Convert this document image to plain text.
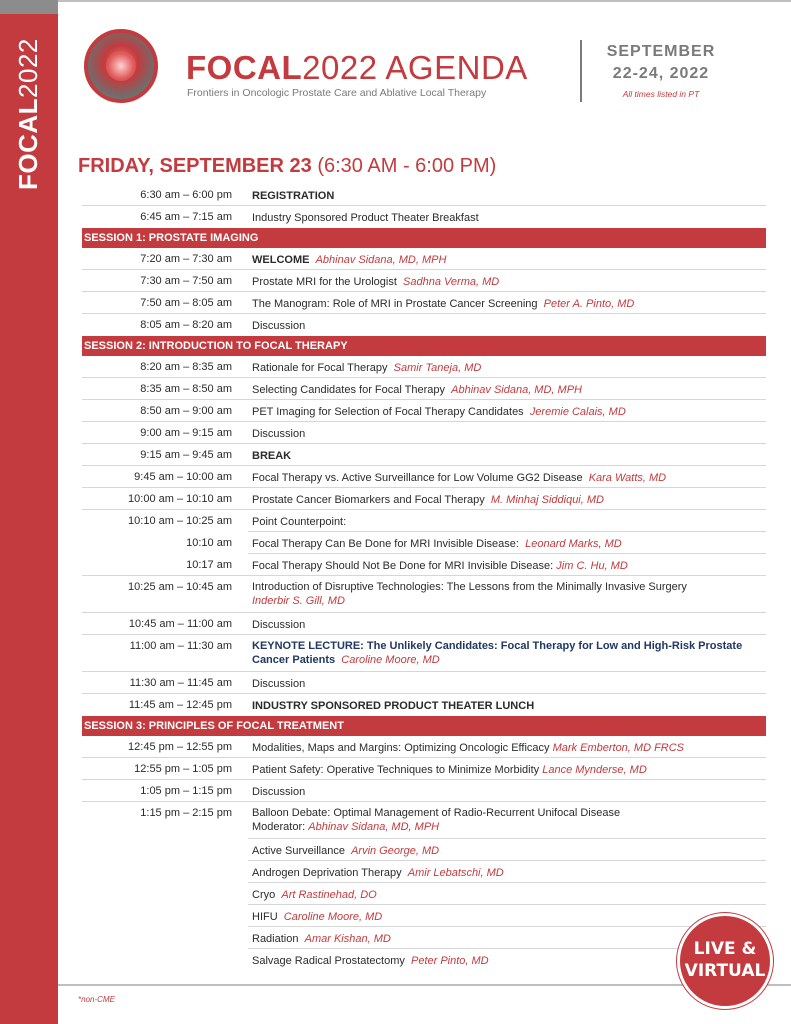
FOCAL2022	FOCAL2022 AGENDA
Frontiers in Oncologic Prostate Care and Ablative Local Therapy
SEPTEMBER
22-24, 2022
All times listed in PT
FRIDAY, SEPTEMBER 23 (6:30 AM - 6:00 PM)
6:30 am – 6:00 pm REGISTRATION
6:45 am – 7:15 am Industry Sponsored Product Theater Breakfast
SESSION 1: PROSTATE IMAGING
7:20 am – 7:30 am WELCOME Abhinav Sidana, MD, MPH
7:30 am – 7:50 am Prostate MRI for the Urologist Sadhna Verma, MD
7:50 am – 8:05 am The Manogram: Role of MRI in Prostate Cancer Screening Peter A. Pinto, MD
8:05 am – 8:20 am Discussion
SESSION 2: INTRODUCTION TO FOCAL THERAPY
8:20 am – 8:35 am Rationale for Focal Therapy Samir Taneja, MD
8:35 am – 8:50 am Selecting Candidates for Focal Therapy Abhinav Sidana, MD, MPH
8:50 am – 9:00 am PET Imaging for Selection of Focal Therapy Candidates Jeremie Calais, MD
9:00 am – 9:15 am Discussion
9:15 am – 9:45 am BREAK
9:45 am – 10:00 am Focal Therapy vs. Active Surveillance for Low Volume GG2 Disease Kara Watts, MD
10:00 am – 10:10 am Prostate Cancer Biomarkers and Focal Therapy M. Minhaj Siddiqui, MD
10:10 am – 10:25 am Point Counterpoint:
10:10 am Focal Therapy Can Be Done for MRI Invisible Disease: Leonard Marks, MD
10:17 am Focal Therapy Should Not Be Done for MRI Invisible Disease: Jim C. Hu, MD
10:25 am – 10:45 am Introduction of Disruptive Technologies: The Lessons from the Minimally Invasive Surgery
Inderbir S. Gill, MD
10:45 am – 11:00 am Discussion
11:00 am – 11:30 am KEYNOTE LECTURE: The Unlikely Candidates: Focal Therapy for Low and High-Risk Prostate Cancer Patients Caroline Moore, MD
11:30 am – 11:45 am Discussion
11:45 am – 12:45 pm INDUSTRY SPONSORED PRODUCT THEATER LUNCH
SESSION 3: PRINCIPLES OF FOCAL TREATMENT
12:45 pm – 12:55 pm Modalities, Maps and Margins: Optimizing Oncologic Efficacy Mark Emberton, MD FRCS
12:55 pm – 1:05 pm Patient Safety: Operative Techniques to Minimize Morbidity Lance Mynderse, MD
1:05 pm – 1:15 pm Discussion
1:15 pm – 2:15 pm Balloon Debate: Optimal Management of Radio-Recurrent Unifocal Disease
Moderator: Abhinav Sidana, MD, MPH
Active Surveillance Arvin George, MD
Androgen Deprivation Therapy Amir Lebatschi, MD
Cryo Art Rastinehad, DO
HIFU Caroline Moore, MD
Radiation Amar Kishan, MD
Salvage Radical Prostatectomy Peter Pinto, MD
*non-CME
LIVE &
VIRTUAL
